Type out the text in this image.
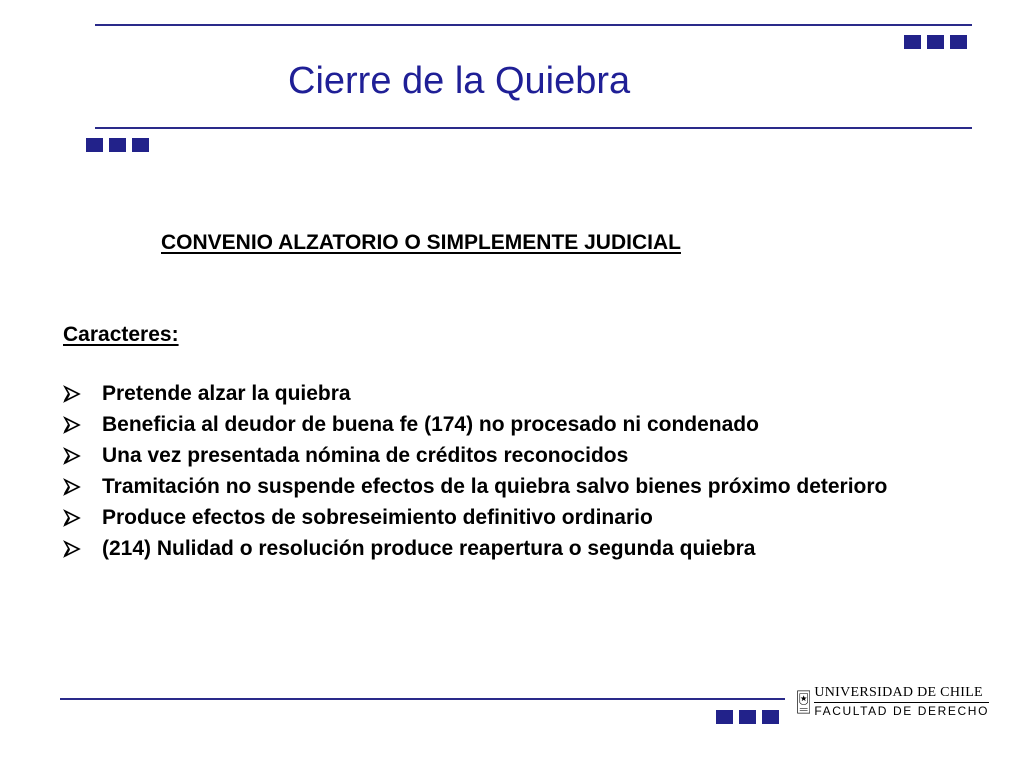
Cierre de la Quiebra

CONVENIO ALZATORIO O SIMPLEMENTE JUDICIAL

Caracteres:
Pretende alzar la quiebra
Beneficia al deudor de buena fe (174) no procesado ni condenado
Una vez presentada nómina de créditos reconocidos
Tramitación no suspende efectos de la quiebra salvo bienes próximo deterioro
Produce efectos de sobreseimiento definitivo ordinario
(214) Nulidad o resolución produce reapertura o segunda quiebra
UNIVERSIDAD DE CHILE
FACULTAD DE DERECHO
